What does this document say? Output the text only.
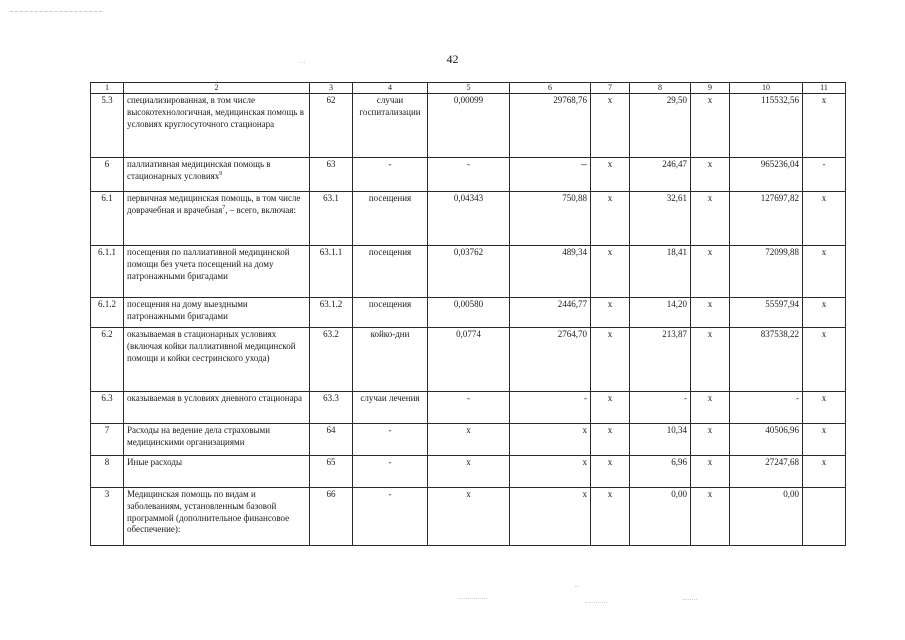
42
1	2	3	4	5	6	7	8	9	10	11
5.3	специализированная, в том числе высокотехнологичная, медицинская помощь в условиях круглосуточного стационара	62	случаи госпитализации	0,00099	29768,76	х	29,50	х	115532,56	х
6	паллиативная медицинская помощь в стационарных условиях$^9$	63	-	-	--	х	246,47	х	965236,04	-
6.1	первичная медицинская помощь, в том числе доврачебная и врачебная$^7$, – всего, включая:	63.1	посещения	0,04343	750,88	х	32,61	х	127697,82	х
6.1.1	посещения по паллиативной медицинской помощи без учета посещений на дому патронажными бригадами	63.1.1	посещения	0,03762	489,34	х	18,41	х	72099,88	х
6.1.2	посещения на дому выездными патронажными бригадами	63.1.2	посещения	0,00580	2446,77	х	14,20	х	55597,94	х
6.2	оказываемая в стационарных условиях (включая койки паллиативной медицинской помощи и койки сестринского ухода)	63.2	койко-дни	0,0774	2764,70	х	213,87	х	837538,22	х
6.3	оказываемая в условиях дневного стационара	63.3	случаи лечения	-	-	х	-	х	-	х
7	Расходы на ведение дела страховыми медицинскими организациями	64	-	х	х	х	10,34	х	40506,96	х
8	Иные расходы	65	-	х	х	х	6,96	х	27247,68	х
3	Медицинская помощь по видам и заболеваниям, установленным базовой программой (дополнительное финансовое обеспечение):	66	-	х	х	х	0,00	х	0,00	
